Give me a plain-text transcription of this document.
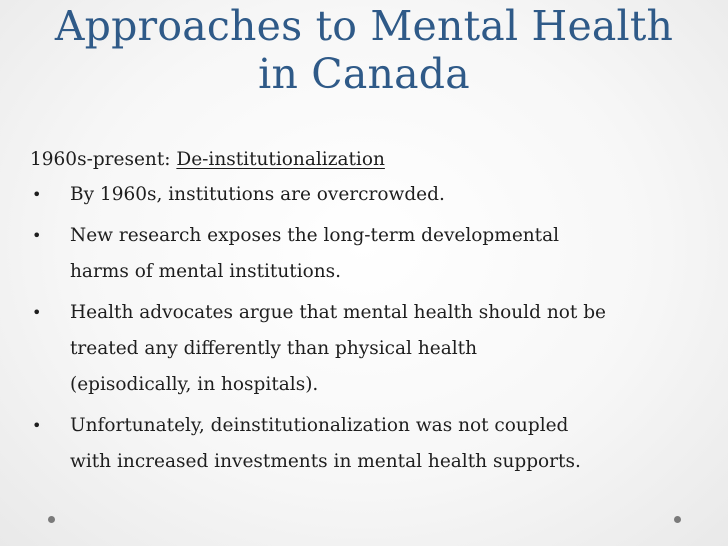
Approaches to Mental Health
in Canada
1960s-present: De-institutionalization
• By 1960s, institutions are overcrowded.
• New research exposes the long-term developmental
harms of mental institutions.
• Health advocates argue that mental health should not be
treated any differently than physical health
(episodically, in hospitals).
• Unfortunately, deinstitutionalization was not coupled
with increased investments in mental health supports.
